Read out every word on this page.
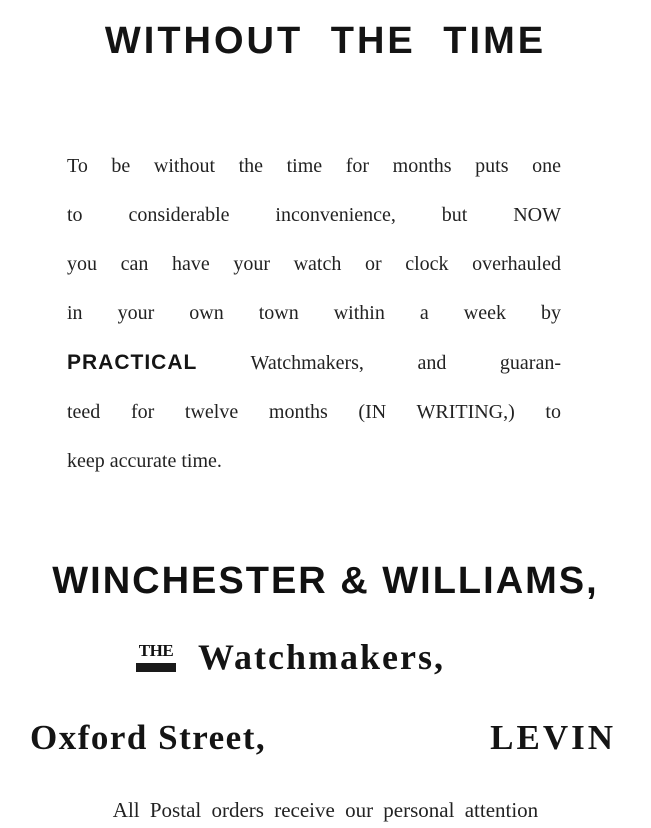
WITHOUT THE TIME
To be without the time for months puts one
to considerable inconvenience, but NOW
you can have your watch or clock overhauled
in your own town within a week by
PRACTICAL	Watchmakers, and guaran-
teed for twelve months (IN WRITING,) to
keep accurate time.
WINCHESTER & WILLIAMS,
THE Watchmakers,
Oxford Street,	LEVIN
All Postal orders receive our personal attention
